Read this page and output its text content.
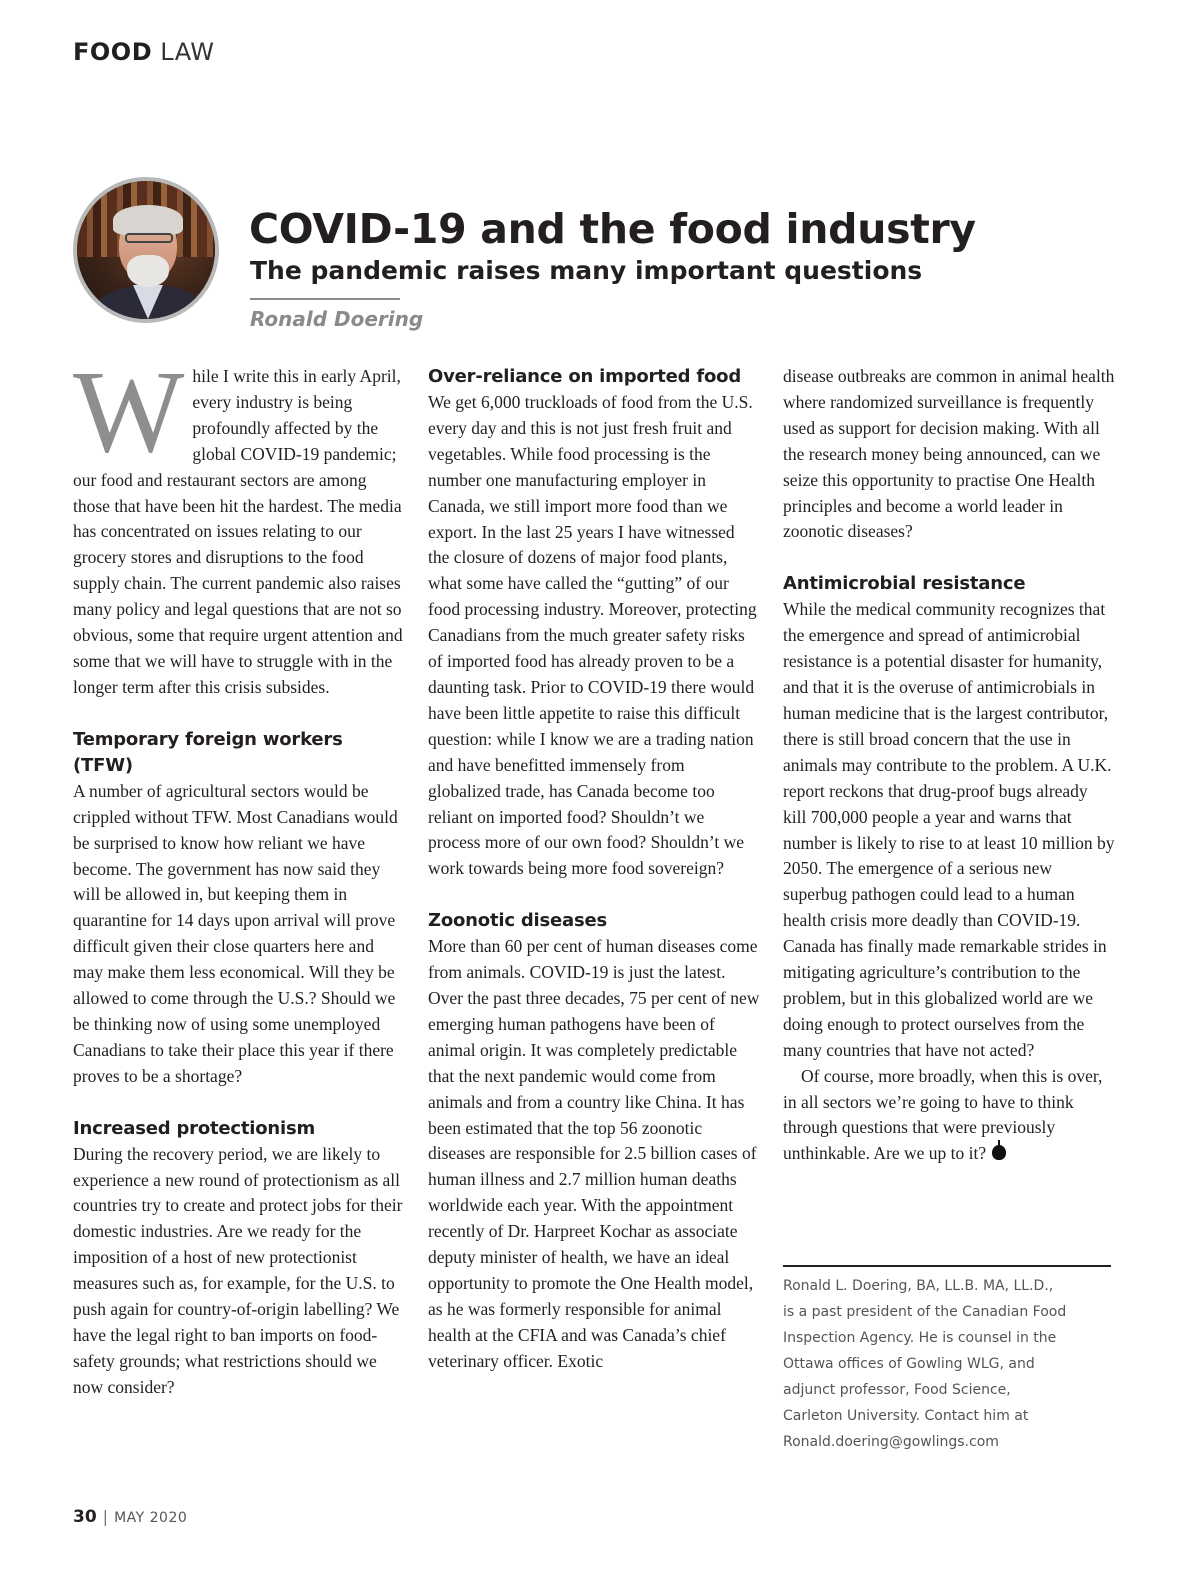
FOOD LAW
COVID-19 and the food industry
The pandemic raises many important questions
Ronald Doering

While I write this in early April, every industry is being profoundly affected by the global COVID-19 pandemic; our food and restaurant sectors are among those that have been hit the hardest. The media has concentrated on issues relating to our grocery stores and disruptions to the food supply chain. The current pandemic also raises many policy and legal questions that are not so obvious, some that require urgent attention and some that we will have to struggle with in the longer term after this crisis subsides.

Temporary foreign workers (TFW)

A number of agricultural sectors would be crippled without TFW. Most Canadians would be surprised to know how reliant we have become. The government has now said they will be allowed in, but keeping them in quarantine for 14 days upon arrival will prove difficult given their close quarters here and may make them less economical. Will they be allowed to come through the U.S.? Should we be thinking now of using some unemployed Canadians to take their place this year if there proves to be a shortage?

Increased protectionism

During the recovery period, we are likely to experience a new round of protectionism as all countries try to create and protect jobs for their domestic industries. Are we ready for the imposition of a host of new protectionist measures such as, for example, for the U.S. to push again for country-of-origin labelling? We have the legal right to ban imports on food-safety grounds; what restrictions should we now consider?

Over-reliance on imported food

We get 6,000 truckloads of food from the U.S. every day and this is not just fresh fruit and vegetables. While food processing is the number one manufacturing employer in Canada, we still import more food than we export. In the last 25 years I have witnessed the closure of dozens of major food plants, what some have called the “gutting” of our food processing industry. Moreover, protecting Canadians from the much greater safety risks of imported food has already proven to be a daunting task. Prior to COVID-19 there would have been little appetite to raise this difficult question: while I know we are a trading nation and have benefitted immensely from globalized trade, has Canada become too reliant on imported food? Shouldn’t we process more of our own food? Shouldn’t we work towards being more food sovereign?

Zoonotic diseases

More than 60 per cent of human diseases come from animals. COVID-19 is just the latest. Over the past three decades, 75 per cent of new emerging human pathogens have been of animal origin. It was completely predictable that the next pandemic would come from animals and from a country like China. It has been estimated that the top 56 zoonotic diseases are responsible for 2.5 billion cases of human illness and 2.7 million human deaths worldwide each year. With the appointment recently of Dr. Harpreet Kochar as associate deputy minister of health, we have an ideal opportunity to promote the One Health model, as he was formerly responsible for animal health at the CFIA and was Canada’s chief veterinary officer. Exotic

disease outbreaks are common in animal health where randomized surveillance is frequently used as support for decision making. With all the research money being announced, can we seize this opportunity to practise One Health principles and become a world leader in zoonotic diseases?

Antimicrobial resistance

While the medical community recognizes that the emergence and spread of antimicrobial resistance is a potential disaster for humanity, and that it is the overuse of antimicrobials in human medicine that is the largest contributor, there is still broad concern that the use in animals may contribute to the problem. A U.K. report reckons that drug-proof bugs already kill 700,000 people a year and warns that number is likely to rise to at least 10 million by 2050. The emergence of a serious new superbug pathogen could lead to a human health crisis more deadly than COVID-19. Canada has finally made remarkable strides in mitigating agriculture’s contribution to the problem, but in this globalized world are we doing enough to protect ourselves from the many countries that have not acted?

Of course, more broadly, when this is over, in all sectors we’re going to have to think through questions that were previously unthinkable. Are we up to it?

Ronald L. Doering, BA, LL.B. MA, LL.D.,
is a past president of the Canadian Food
Inspection Agency. He is counsel in the
Ottawa offices of Gowling WLG, and
adjunct professor, Food Science,
Carleton University. Contact him at
Ronald.doering@gowlings.com
30 | MAY 2020
